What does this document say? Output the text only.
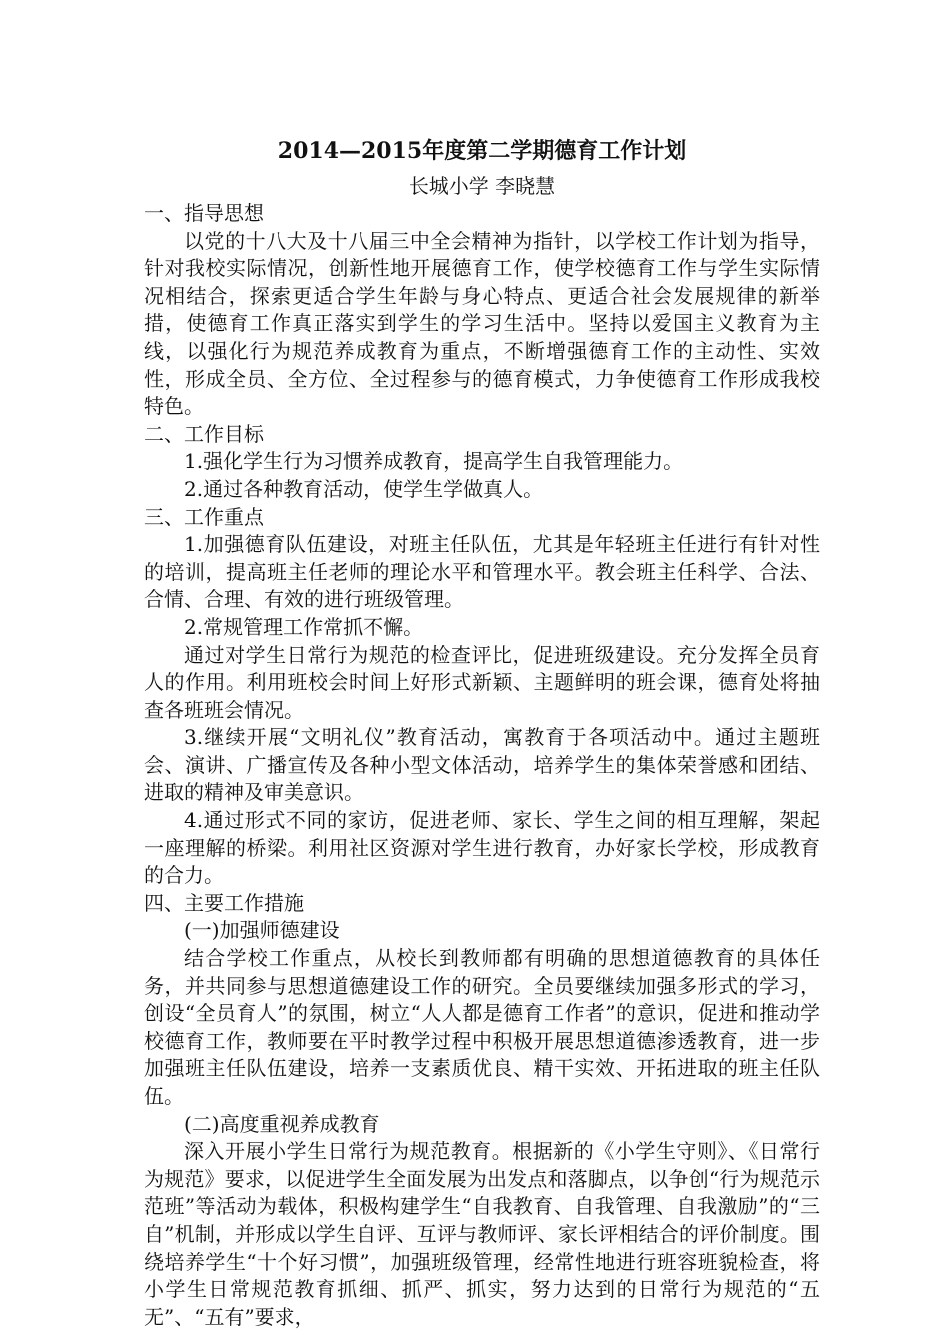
2014—2015年度第二学期德育工作计划
长城小学 李晓慧
一、指导思想
以党的十八大及十八届三中全会精神为指针，以学校工作计划为指导，针对我校实际情况，创新性地开展德育工作，使学校德育工作与学生实际情况相结合，探索更适合学生年龄与身心特点、更适合社会发展规律的新举措，使德育工作真正落实到学生的学习生活中。坚持以爱国主义教育为主线，以强化行为规范养成教育为重点，不断增强德育工作的主动性、实效性，形成全员、全方位、全过程参与的德育模式，力争使德育工作形成我校特色。
二、工作目标
1.强化学生行为习惯养成教育，提高学生自我管理能力。
2.通过各种教育活动，使学生学做真人。
三、工作重点
1.加强德育队伍建设，对班主任队伍，尤其是年轻班主任进行有针对性的培训，提高班主任老师的理论水平和管理水平。教会班主任科学、合法、合情、合理、有效的进行班级管理。
2.常规管理工作常抓不懈。
通过对学生日常行为规范的检查评比，促进班级建设。充分发挥全员育人的作用。利用班校会时间上好形式新颖、主题鲜明的班会课，德育处将抽查各班班会情况。
3.继续开展“文明礼仪”教育活动，寓教育于各项活动中。通过主题班会、演讲、广播宣传及各种小型文体活动，培养学生的集体荣誉感和团结、进取的精神及审美意识。
4.通过形式不同的家访，促进老师、家长、学生之间的相互理解，架起一座理解的桥梁。利用社区资源对学生进行教育，办好家长学校，形成教育的合力。
四、主要工作措施
(一)加强师德建设
结合学校工作重点，从校长到教师都有明确的思想道德教育的具体任务，并共同参与思想道德建设工作的研究。全员要继续加强多形式的学习，创设“全员育人”的氛围，树立“人人都是德育工作者”的意识，促进和推动学校德育工作，教师要在平时教学过程中积极开展思想道德渗透教育，进一步加强班主任队伍建设，培养一支素质优良、精干实效、开拓进取的班主任队伍。
(二)高度重视养成教育
深入开展小学生日常行为规范教育。根据新的《小学生守则》、《日常行为规范》要求，以促进学生全面发展为出发点和落脚点，以争创“行为规范示范班”等活动为载体，积极构建学生“自我教育、自我管理、自我激励”的“三自”机制，并形成以学生自评、互评与教师评、家长评相结合的评价制度。围绕培养学生“十个好习惯”，加强班级管理，经常性地进行班容班貌检查，将小学生日常规范教育抓细、抓严、抓实，努力达到的日常行为规范的“五无”、“五有”要求，
